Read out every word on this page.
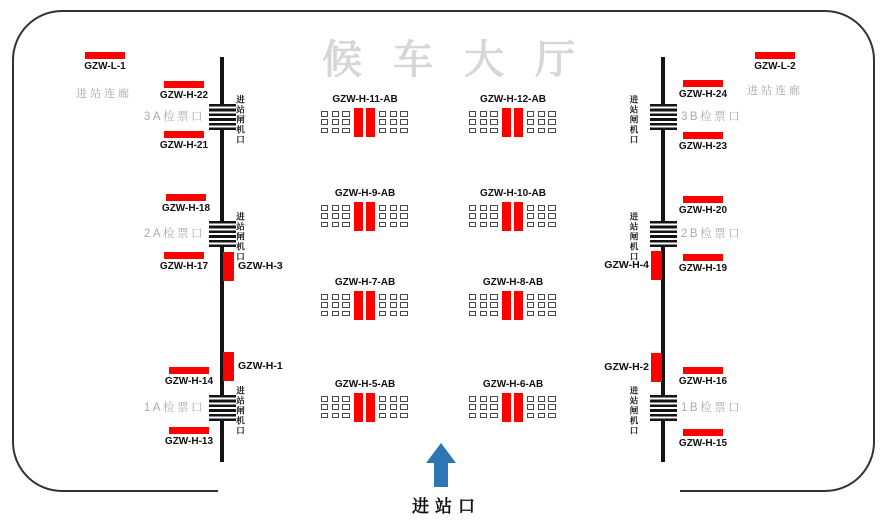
候车大厅
GZW-L-1
进站连廊
GZW-L-2
进站连廊
GZW-H-22
GZW-H-21
GZW-H-18
GZW-H-17
GZW-H-14
GZW-H-13
GZW-H-24
GZW-H-23
GZW-H-20
GZW-H-19
GZW-H-16
GZW-H-15
GZW-H-3
GZW-H-1
GZW-H-4
GZW-H-2
3A检票口	进站闸机口
2A检票口	进站闸机口
1A检票口	进站闸机口
3B检票口
进站闸机口
2B检票口
进站闸机口
1B检票口
进站闸机口
GZW-H-11-AB	GZW-H-12-AB
GZW-H-9-AB	GZW-H-10-AB
GZW-H-7-AB	GZW-H-8-AB
GZW-H-5-AB	GZW-H-6-AB
进站口
